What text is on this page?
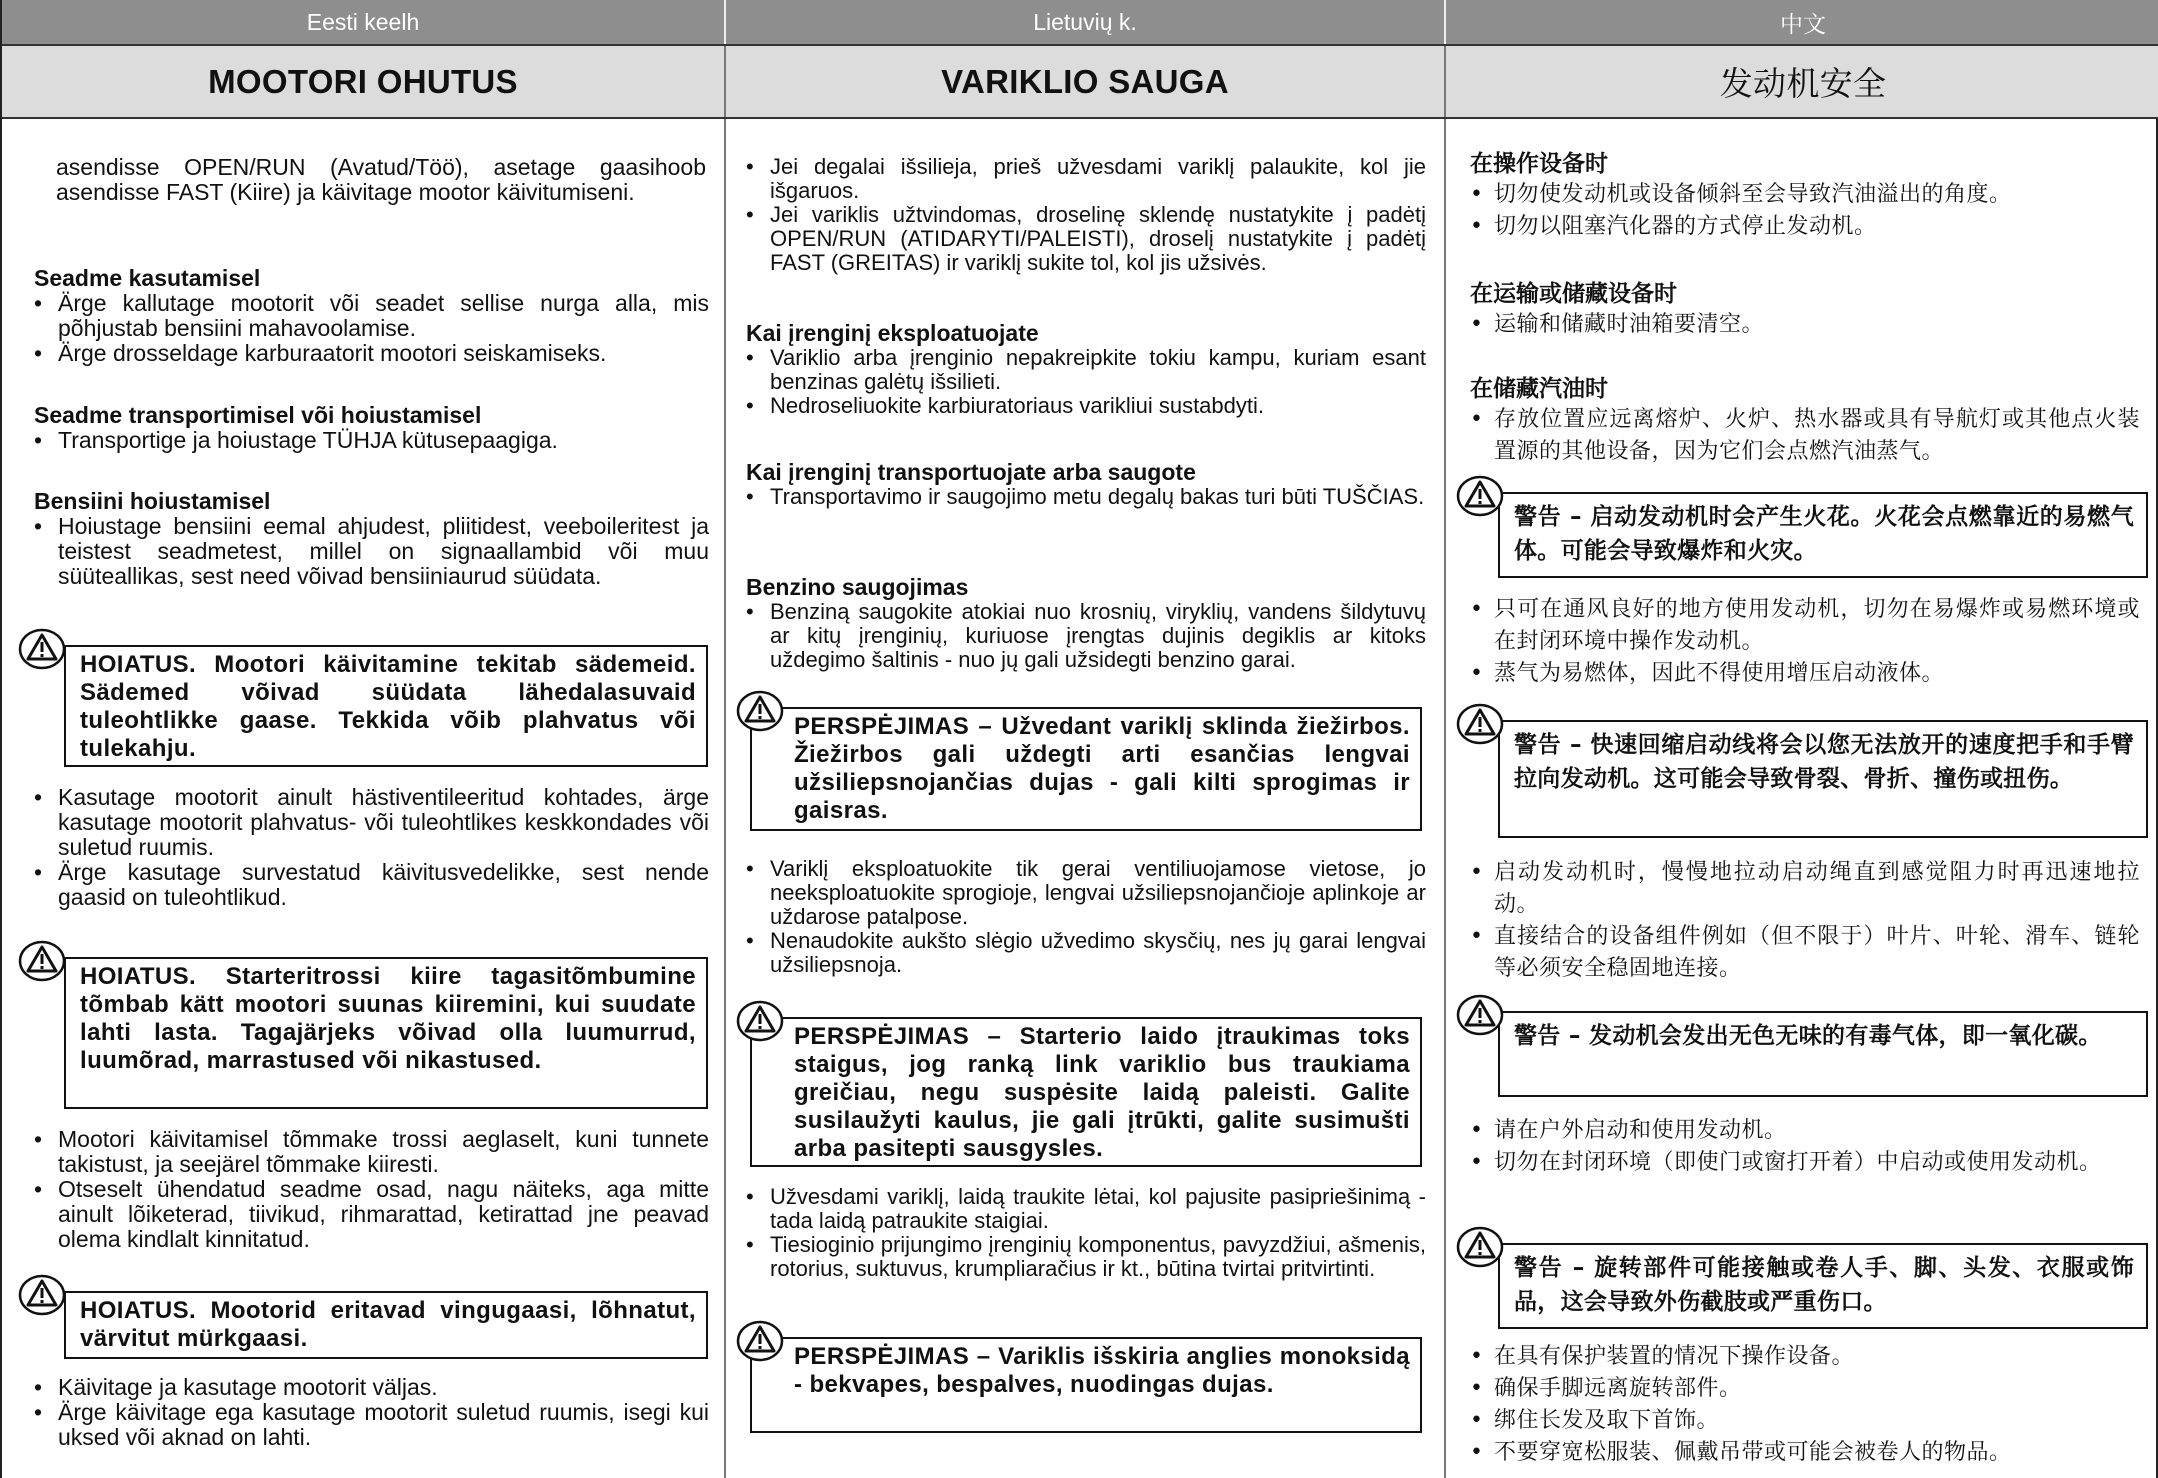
Eesti keelh	Lietuvių k.	中文
MOOTORI OHUTUS	VARIKLIO SAUGA	发动机安全

asendisse OPEN/RUN (Avatud/Töö), asetage gaasihoob asendisse FAST (Kiire) ja käivitage mootor käivitumiseni.

Seadme kasutamisel
• Ärge kallutage mootorit või seadet sellise nurga alla, mis põhjustab bensiini mahavoolamise.
• Ärge drosseldage karburaatorit mootori seiskamiseks.
Seadme transportimisel või hoiustamisel
• Transportige ja hoiustage TÜHJA kütusepaagiga.
Bensiini hoiustamisel
• Hoiustage bensiini eemal ahjudest, pliitidest, veeboileritest ja teistest seadmetest, millel on signaallambid või muu süüteallikas, sest need võivad bensiiniaurud süüdata.
HOIATUS. Mootori käivitamine tekitab sädemeid. Sädemed võivad süüdata lähedalasuvaid tuleohtlikke gaase. Tekkida võib plahvatus või tulekahju.
• Kasutage mootorit ainult hästiventileeritud kohtades, ärge kasutage mootorit plahvatus- või tuleohtlikes keskkondades või suletud ruumis.
• Ärge kasutage survestatud käivitusvedelikke, sest nende gaasid on tuleohtlikud.
HOIATUS. Starteritrossi kiire tagasitõmbumine tõmbab kätt mootori suunas kiiremini, kui suudate lahti lasta. Tagajärjeks võivad olla luumurrud, luumõrad, marrastused või nikastused.
• Mootori käivitamisel tõmmake trossi aeglaselt, kuni tunnete takistust, ja seejärel tõmmake kiiresti.
• Otseselt ühendatud seadme osad, nagu näiteks, aga mitte ainult lõiketerad, tiivikud, rihmarattad, ketirattad jne peavad olema kindlalt kinnitatud.
HOIATUS. Mootorid eritavad vingugaasi, lõhnatut, värvitut mürkgaasi.
• Käivitage ja kasutage mootorit väljas.
• Ärge käivitage ega kasutage mootorit suletud ruumis, isegi kui uksed või aknad on lahti.
• Jei degalai išsilieja, prieš užvesdami variklį palaukite, kol jie išgaruos.
• Jei variklis užtvindomas, droselinę sklendę nustatykite į padėtį OPEN/RUN (ATIDARYTI/PALEISTI), droselį nustatykite į padėtį FAST (GREITAS) ir variklį sukite tol, kol jis užsivės.
Kai įrenginį eksploatuojate
• Variklio arba įrenginio nepakreipkite tokiu kampu, kuriam esant benzinas galėtų išsilieti.
• Nedroseliuokite karbiuratoriaus varikliui sustabdyti.
Kai įrenginį transportuojate arba saugote
• Transportavimo ir saugojimo metu degalų bakas turi būti TUŠČIAS.
Benzino saugojimas
• Benziną saugokite atokiai nuo krosnių, viryklių, vandens šildytuvų ar kitų įrenginių, kuriuose įrengtas dujinis degiklis ar kitoks uždegimo šaltinis - nuo jų gali užsidegti benzino garai.
PERSPĖJIMAS – Užvedant variklį sklinda žiežirbos. Žiežirbos gali uždegti arti esančias lengvai užsiliepsnojančias dujas - gali kilti sprogimas ir gaisras.
• Variklį eksploatuokite tik gerai ventiliuojamose vietose, jo neeksploatuokite sprogioje, lengvai užsiliepsnojančioje aplinkoje ar uždarose patalpose.
• Nenaudokite aukšto slėgio užvedimo skysčių, nes jų garai lengvai užsiliepsnoja.
PERSPĖJIMAS – Starterio laido įtraukimas toks staigus, jog ranką link variklio bus traukiama greičiau, negu suspėsite laidą paleisti. Galite susilaužyti kaulus, jie gali įtrūkti, galite susimušti arba pasitepti sausgysles.
• Užvesdami variklį, laidą traukite lėtai, kol pajusite pasipriešinimą - tada laidą patraukite staigiai.
• Tiesioginio prijungimo įrenginių komponentus, pavyzdžiui, ašmenis, rotorius, suktuvus, krumpliaračius ir kt., būtina tvirtai pritvirtinti.
PERSPĖJIMAS – Variklis išskiria anglies monoksidą - bekvapes, bespalves, nuodingas dujas.
在操作设备时
• 切勿使发动机或设备倾斜至会导致汽油溢出的角度。
• 切勿以阻塞汽化器的方式停止发动机。
在运输或储藏设备时
• 运输和储藏时油箱要清空。
在储藏汽油时
• 存放位置应远离熔炉、火炉、热水器或具有导航灯或其他点火装置源的其他设备，因为它们会点燃汽油蒸气。
警告 – 启动发动机时会产生火花。火花会点燃靠近的易燃气体。可能会导致爆炸和火灾。
• 只可在通风良好的地方使用发动机，切勿在易爆炸或易燃环境或在封闭环境中操作发动机。
• 蒸气为易燃体，因此不得使用增压启动液体。
警告 – 快速回缩启动线将会以您无法放开的速度把手和手臂拉向发动机。这可能会导致骨裂、骨折、撞伤或扭伤。
• 启动发动机时，慢慢地拉动启动绳直到感觉阻力时再迅速地拉动。
• 直接结合的设备组件例如（但不限于）叶片、叶轮、滑车、链轮等必须安全稳固地连接。
警告 – 发动机会发出无色无味的有毒气体，即一氧化碳。
• 请在户外启动和使用发动机。
• 切勿在封闭环境（即使门或窗打开着）中启动或使用发动机。
警告 – 旋转部件可能接触或卷人手、脚、头发、衣服或饰品，这会导致外伤截肢或严重伤口。
• 在具有保护装置的情况下操作设备。
• 确保手脚远离旋转部件。
• 绑住长发及取下首饰。
• 不要穿宽松服装、佩戴吊带或可能会被卷人的物品。
